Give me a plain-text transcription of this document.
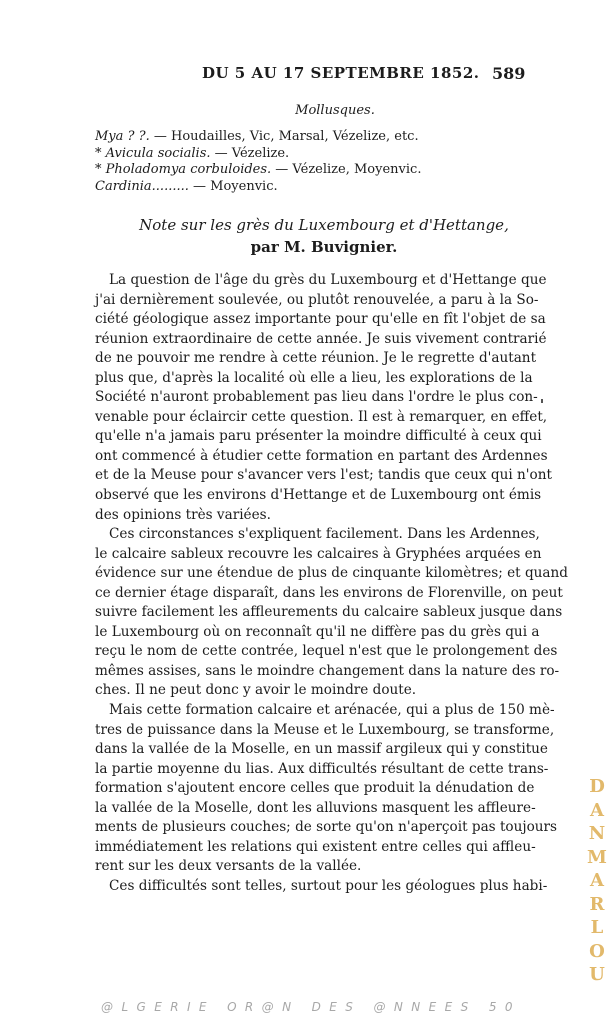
DU 5 AU 17 SEPTEMBRE 1852. 589
Mollusques.
Mya ? ?. — Houdailles, Vic, Marsal, Vézelize, etc.
* Avicula socialis. — Vézelize.
* Pholadomya corbuloides. — Vézelize, Moyenvic.
Cardinia......... — Moyenvic.
Note sur les grès du Luxembourg et d'Hettange,
par M. Buvignier.

La question de l'âge du grès du Luxembourg et d'Hettange que
j'ai dernièrement soulevée, ou plutôt renouvelée, a paru à la So-
ciété géologique assez importante pour qu'elle en fît l'objet de sa
réunion extraordinaire de cette année. Je suis vivement contrarié
de ne pouvoir me rendre à cette réunion. Je le regrette d'autant
plus que, d'après la localité où elle a lieu, les explorations de la
Société n'auront probablement pas lieu dans l'ordre le plus con-
venable pour éclaircir cette question. Il est à remarquer, en effet,
qu'elle n'a jamais paru présenter la moindre difficulté à ceux qui
ont commencé à étudier cette formation en partant des Ardennes
et de la Meuse pour s'avancer vers l'est; tandis que ceux qui n'ont
observé que les environs d'Hettange et de Luxembourg ont émis
des opinions très variées.

Ces circonstances s'expliquent facilement. Dans les Ardennes,
le calcaire sableux recouvre les calcaires à Gryphées arquées en
évidence sur une étendue de plus de cinquante kilomètres; et quand
ce dernier étage disparaît, dans les environs de Florenville, on peut
suivre facilement les affleurements du calcaire sableux jusque dans
le Luxembourg où on reconnaît qu'il ne diffère pas du grès qui a
reçu le nom de cette contrée, lequel n'est que le prolongement des
mêmes assises, sans le moindre changement dans la nature des ro-
ches. Il ne peut donc y avoir le moindre doute.

Mais cette formation calcaire et arénacée, qui a plus de 150 mè-
tres de puissance dans la Meuse et le Luxembourg, se transforme,
dans la vallée de la Moselle, en un massif argileux qui y constitue
la partie moyenne du lias. Aux difficultés résultant de cette trans-
formation s'ajoutent encore celles que produit la dénudation de
la vallée de la Moselle, dont les alluvions masquent les affleure-
ments de plusieurs couches; de sorte qu'on n'aperçoit pas toujours
immédiatement les relations qui existent entre celles qui affleu-
rent sur les deux versants de la vallée.

Ces difficultés sont telles, surtout pour les géologues plus habi-

D
A
N
M
A
R
L
O
U
@LGERIE OR@N DES @NNEES 50
